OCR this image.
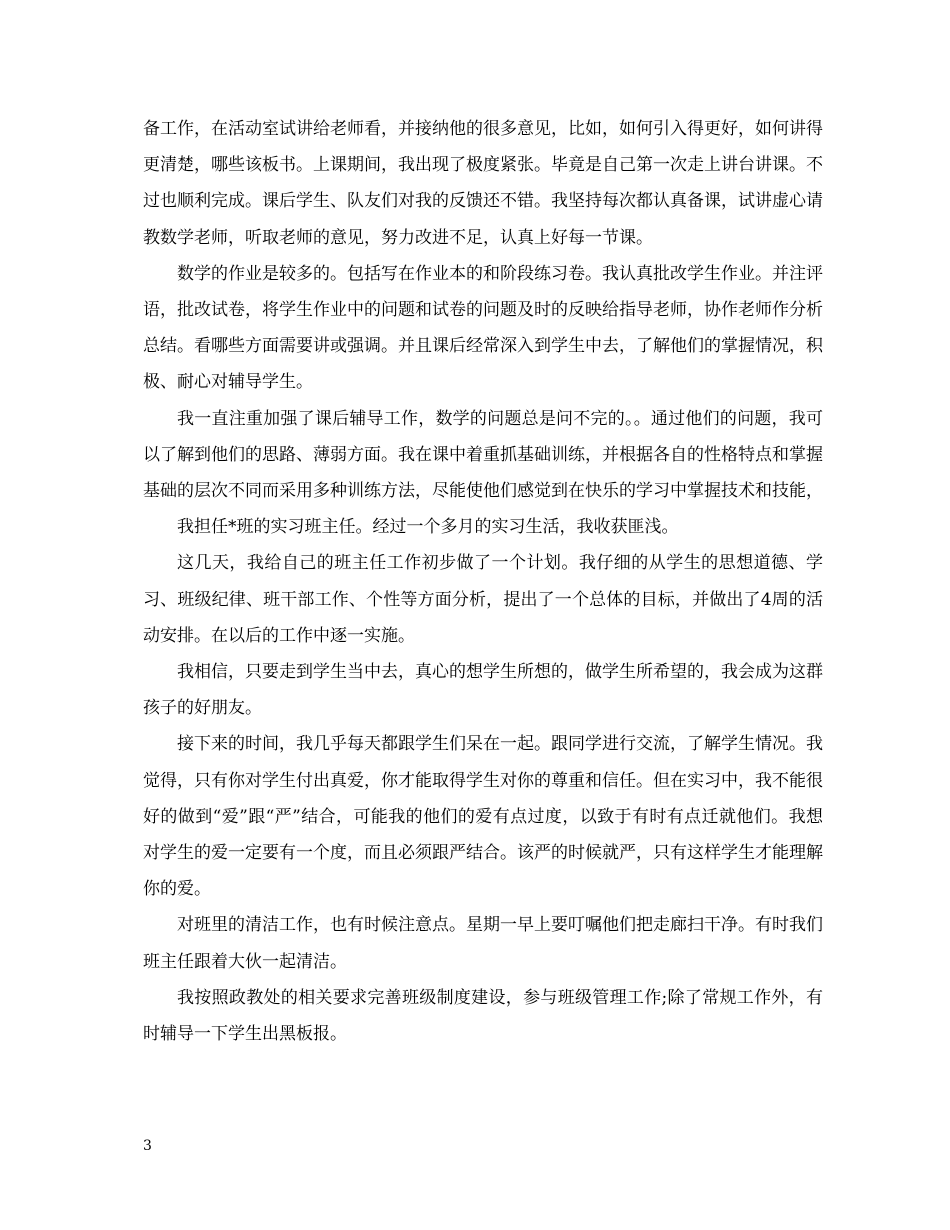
备工作，在活动室试讲给老师看，并接纳他的很多意见，比如，如何引入得更好，如何讲得更清楚，哪些该板书。上课期间，我出现了极度紧张。毕竟是自己第一次走上讲台讲课。不过也顺利完成。课后学生、队友们对我的反馈还不错。我坚持每次都认真备课，试讲虚心请教数学老师，听取老师的意见，努力改进不足，认真上好每一节课。

数学的作业是较多的。包括写在作业本的和阶段练习卷。我认真批改学生作业。并注评语，批改试卷，将学生作业中的问题和试卷的问题及时的反映给指导老师，协作老师作分析总结。看哪些方面需要讲或强调。并且课后经常深入到学生中去，了解他们的掌握情况，积极、耐心对辅导学生。

我一直注重加强了课后辅导工作，数学的问题总是问不完的。。通过他们的问题，我可以了解到他们的思路、薄弱方面。我在课中着重抓基础训练，并根据各自的性格特点和掌握基础的层次不同而采用多种训练方法，尽能使他们感觉到在快乐的学习中掌握技术和技能，

我担任*班的实习班主任。经过一个多月的实习生活，我收获匪浅。

这几天，我给自己的班主任工作初步做了一个计划。我仔细的从学生的思想道德、学习、班级纪律、班干部工作、个性等方面分析，提出了一个总体的目标，并做出了4周的活动安排。在以后的工作中逐一实施。

我相信，只要走到学生当中去，真心的想学生所想的，做学生所希望的，我会成为这群孩子的好朋友。

接下来的时间，我几乎每天都跟学生们呆在一起。跟同学进行交流，了解学生情况。我觉得，只有你对学生付出真爱，你才能取得学生对你的尊重和信任。但在实习中，我不能很好的做到“爱”跟“严”结合，可能我的他们的爱有点过度，以致于有时有点迁就他们。我想对学生的爱一定要有一个度，而且必须跟严结合。该严的时候就严，只有这样学生才能理解你的爱。

对班里的清洁工作，也有时候注意点。星期一早上要叮嘱他们把走廊扫干净。有时我们班主任跟着大伙一起清洁。

我按照政教处的相关要求完善班级制度建设，参与班级管理工作;除了常规工作外，有时辅导一下学生出黑板报。

3
